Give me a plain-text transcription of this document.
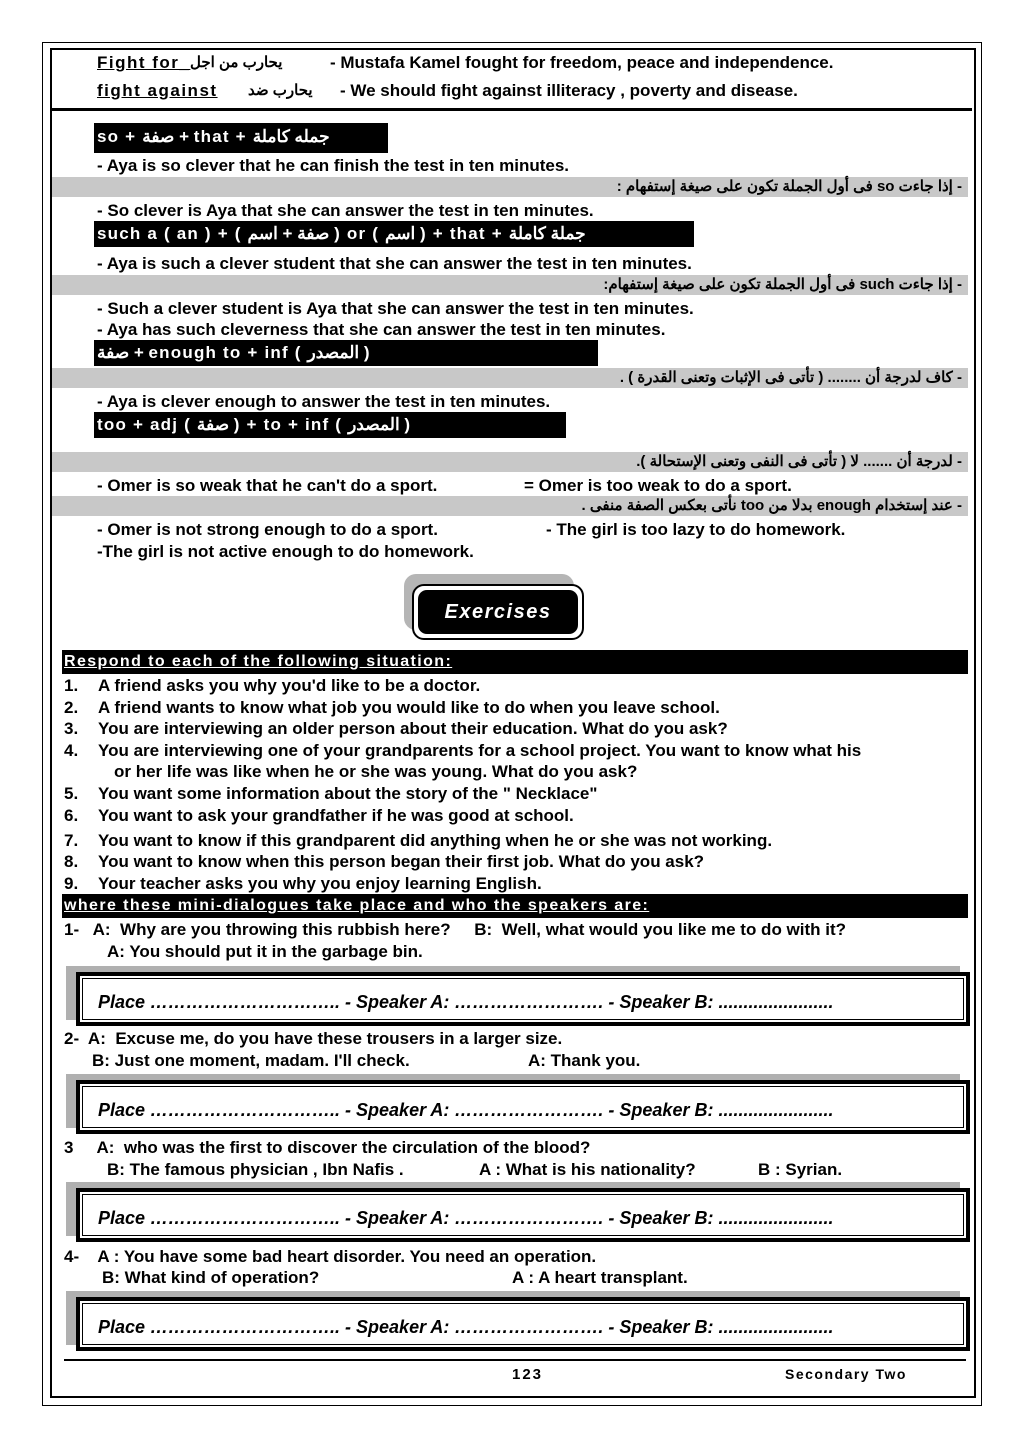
Fight for_ يحارب من اجل	- Mustafa Kamel fought for freedom, peace and independence.
fight against يحارب ضد - We should fight against illiteracy , poverty and disease.
so + صفة + that + جمله كاملة
- Aya is so clever that he can finish the test in ten minutes.
- إذا جاءت so فى أول الجملة تكون على صيغة إستفهام :
- So clever is Aya that she can answer the test in ten minutes.
such a ( an ) + ( صفة + اسم ) or ( اسم ) + that + جملة كاملة
- Aya is such a clever student that she can answer the test in ten minutes.
- إذا جاءت such فى أول الجملة تكون على صيغة إستفهام:
- Such a clever student is Aya that she can answer the test in ten minutes.
- Aya has such cleverness that she can answer the test in ten minutes.
صفة + enough to + inf ( المصدر )
- كاف لدرجة أن ........ ( تأتى فى الإثبات وتعنى القدرة ) .
- Aya is clever enough to answer the test in ten minutes.
too + adj ( صفة ) + to + inf ( المصدر )
- لدرجة أن ....... لا ( تأتى فى النفى وتعنى الإستحالة ).
- Omer is so weak that he can't do a sport.	= Omer is too weak to do a sport.
- عند إستخدام enough بدلا من too نأتى بعكس الصفة منفى .
- Omer is not strong enough to do a sport.	- The girl is too lazy to do homework.
-The girl is not active enough to do homework.
Exercises
Respond to each of the following situation:
1. A friend asks you why you'd like to be a doctor.
2. A friend wants to know what job you would like to do when you leave school.
3. You are interviewing an older person about their education. What do you ask?
4. You are interviewing one of your grandparents for a school project. You want to know what his
or her life was like when he or she was young. What do you ask?
5. You want some information about the story of the " Necklace"
6. You want to ask your grandfather if he was good at school.
7. You want to know if this grandparent did anything when he or she was not working.
8. You want to know when this person began their first job. What do you ask?
9. Your teacher asks you why you enjoy learning English.
where these mini-dialogues take place and who the speakers are:
1-   A:  Why are you throwing this rubbish here?     B:  Well, what would you like me to do with it?
A: You should put it in the garbage bin.
Place ………………………….. - Speaker A: ……………………. - Speaker B: .......................
2-  A:  Excuse me, do you have these trousers in a larger size.
B: Just one moment, madam. I'll check.	A: Thank you.
Place ………………………….. - Speaker A: ……………………. - Speaker B: .......................
3     A:  who was the first to discover the circulation of the blood?
B: The famous physician , Ibn Nafis .	A : What is his nationality?	B : Syrian.
Place ………………………….. - Speaker A: ……………………. - Speaker B: .......................
4-    A : You have some bad heart disorder. You need an operation.
B: What kind of operation?	A : A heart transplant.
Place ………………………….. - Speaker A: ……………………. - Speaker B: .......................
123	Secondary Two
